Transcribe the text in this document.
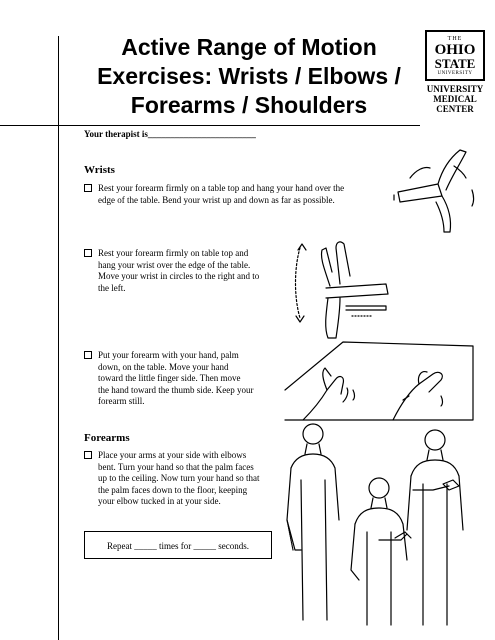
Active Range of Motion
Exercises: Wrists / Elbows /
Forearms / Shoulders
THE
OHIO
STATE
UNIVERSITY
UNIVERSITY
MEDICAL
CENTER
Your therapist is________________________
Wrists
Rest your forearm firmly on a table top and hang your hand over the
edge of the table. Bend your wrist up and down as far as possible.
Rest your forearm firmly on table top and
hang your wrist over the edge of the table.
Move your wrist in circles to the right and to
the left.
Put your forearm with your hand, palm
down, on the table. Move your hand
toward the little finger side. Then move
the hand toward the thumb side. Keep your
forearm still.
Forearms
Place your arms at your side with elbows
bent. Turn your hand so that the palm faces
up to the ceiling. Now turn your hand so that
the palm faces down to the floor, keeping
your elbow tucked in at your side.
Repeat _____ times for _____ seconds.
